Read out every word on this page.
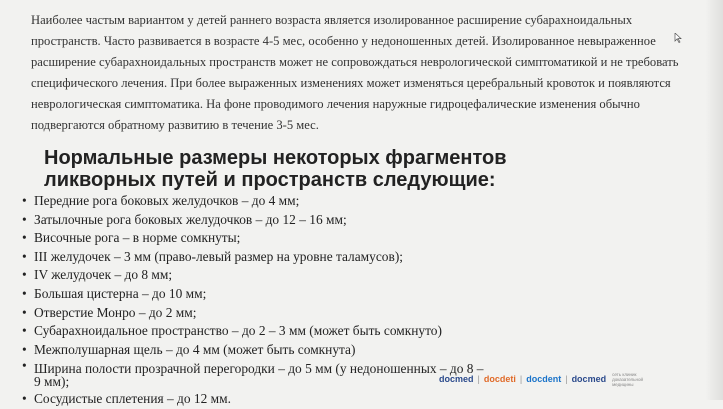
Наиболее частым вариантом у детей раннего возраста является изолированное расширение субарахноидальных пространств. Часто развивается в возрасте 4-5 мес, особенно у недоношенных детей. Изолированное невыраженное расширение субарахноидальных пространств может не сопровождаться неврологической симптоматикой и не требовать специфического лечения. При более выраженных изменениях может изменяться церебральный кровоток и появляются неврологическая симптоматика. На фоне проводимого лечения наружные гидроцефалические изменения обычно подвергаются обратному развитию в течение 3-5 мес.

Нормальные размеры некоторых фрагментов ликворных путей и пространств следующие:
• Передние рога боковых желудочков – до 4 мм;
• Затылочные рога боковых желудочков – до 12 – 16 мм;
• Височные рога – в норме сомкнуты;
• III желудочек – 3 мм (право-левый размер на уровне таламусов);
• IV желудочек – до 8 мм;
• Большая цистерна – до 10 мм;
• Отверстие Монро – до 2 мм;
• Субарахноидальное пространство – до 2 – 3 мм (может быть сомкнуто)
• Межполушарная щель – до 4 мм (может быть сомкнута)
• Ширина полости прозрачной перегородки – до 5 мм (у недоношенных – до 8 – 9 мм);
• Сосудистые сплетения – до 12 мм.
docmed | docdeti | docdent | docmed сеть клиник доказательной медицины
